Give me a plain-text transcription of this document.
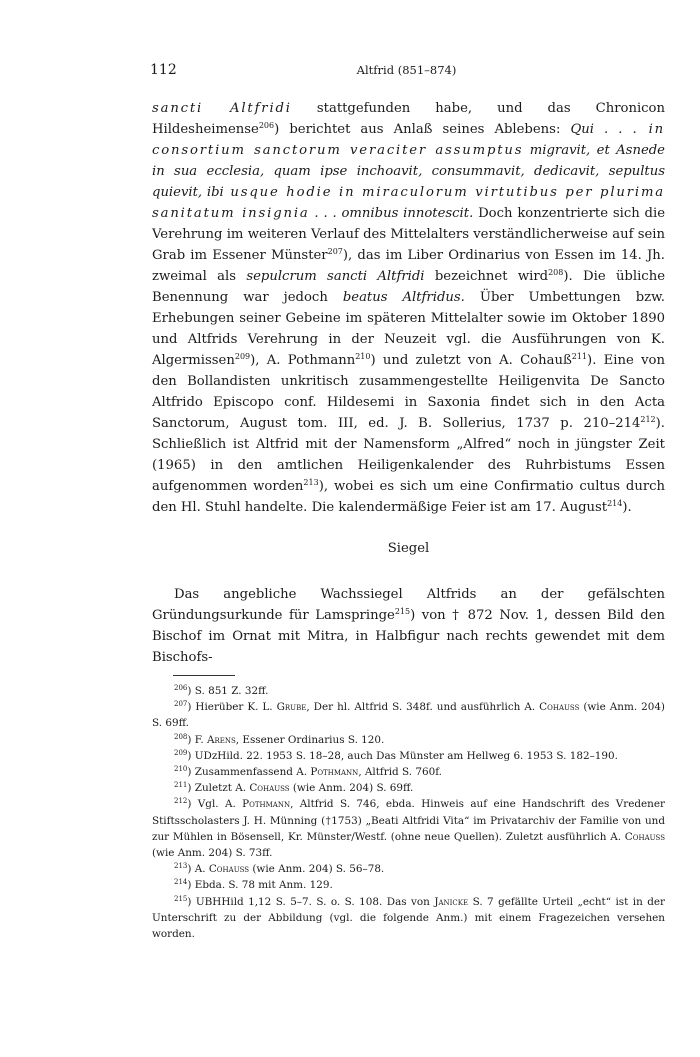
112	Altfrid (851–874)

sancti Altfridi stattgefunden habe, und das Chronicon Hildesheimense$^{206}$) berichtet aus Anlaß seines Ablebens: Qui . . . in consortium sanctorum veraciter assumptus migravit, et Asnede in sua ecclesia, quam ipse inchoavit, consummavit, dedicavit, sepultus quievit, ibi usque hodie in miraculorum virtutibus per plurima sanitatum insignia . . . omnibus innotescit. Doch konzentrierte sich die Verehrung im weiteren Verlauf des Mittelalters verständlicherweise auf sein Grab im Essener Münster$^{207}$), das im Liber Ordinarius von Essen im 14. Jh. zweimal als sepulcrum sancti Altfridi bezeichnet wird$^{208}$). Die übliche Benennung war jedoch beatus Altfridus. Über Umbettungen bzw. Erhebungen seiner Gebeine im späteren Mittelalter sowie im Oktober 1890 und Altfrids Verehrung in der Neuzeit vgl. die Ausführungen von K. Algermissen$^{209}$), A. Pothmann$^{210}$) und zuletzt von A. Cohauß$^{211}$). Eine von den Bollandisten unkritisch zusammengestellte Heiligenvita De Sancto Altfrido Episcopo conf. Hildesemi in Saxonia findet sich in den Acta Sanctorum, August tom. III, ed. J. B. Sollerius, 1737 p. $210-214^{212}$). Schließlich ist Altfrid mit der Namensform „Alfred“ noch in jüngster Zeit (1965) in den amtlichen Heiligenkalender des Ruhrbistums Essen aufgenommen worden$^{213}$), wobei es sich um eine Confirmatio cultus durch den Hl. Stuhl handelte. Die kalendermäßige Feier ist am 17. August$^{214}$).

Siegel

Das angebliche Wachssiegel Altfrids an der gefälschten Gründungsurkunde für Lamspringe$^{215}$) von † 872 Nov. 1, dessen Bild den Bischof im Ornat mit Mitra, in Halbfigur nach rechts gewendet mit dem Bischofs-

$^{206}$) S. 851 Z. 32ff.

$^{207}$) Hierüber K. L. Grube, Der hl. Altfrid S. 348f. und ausführlich A. Cohauss (wie Anm. 204) S. 69ff.

$^{208}$) F. Arens, Essener Ordinarius S. 120.

$^{209}$) UDzHild. 22. 1953 S. 18–28, auch Das Münster am Hellweg 6. 1953 S. 182–190.

$^{210}$) Zusammenfassend A. Pothmann, Altfrid S. 760f.

$^{211}$) Zuletzt A. Cohauss (wie Anm. 204) S. 69ff.

$^{212}$) Vgl. A. Pothmann, Altfrid S. 746, ebda. Hinweis auf eine Handschrift des Vredener Stiftsscholasters J. H. Münning (†1753) „Beati Altfridi Vita“ im Privatarchiv der Familie von und zur Mühlen in Bösensell, Kr. Münster/Westf. (ohne neue Quellen). Zuletzt ausführlich A. Cohauss (wie Anm. 204) S. 73ff.

$^{213}$) A. Cohauss (wie Anm. 204) S. 56–78.

$^{214}$) Ebda. S. 78 mit Anm. 129.

$^{215}$) UBHHild 1,12 S. 5–7. S. o. S. 108. Das von Janicke S. 7 gefällte Urteil „echt“ ist in der Unterschrift zu der Abbildung (vgl. die folgende Anm.) mit einem Fragezeichen versehen worden.
